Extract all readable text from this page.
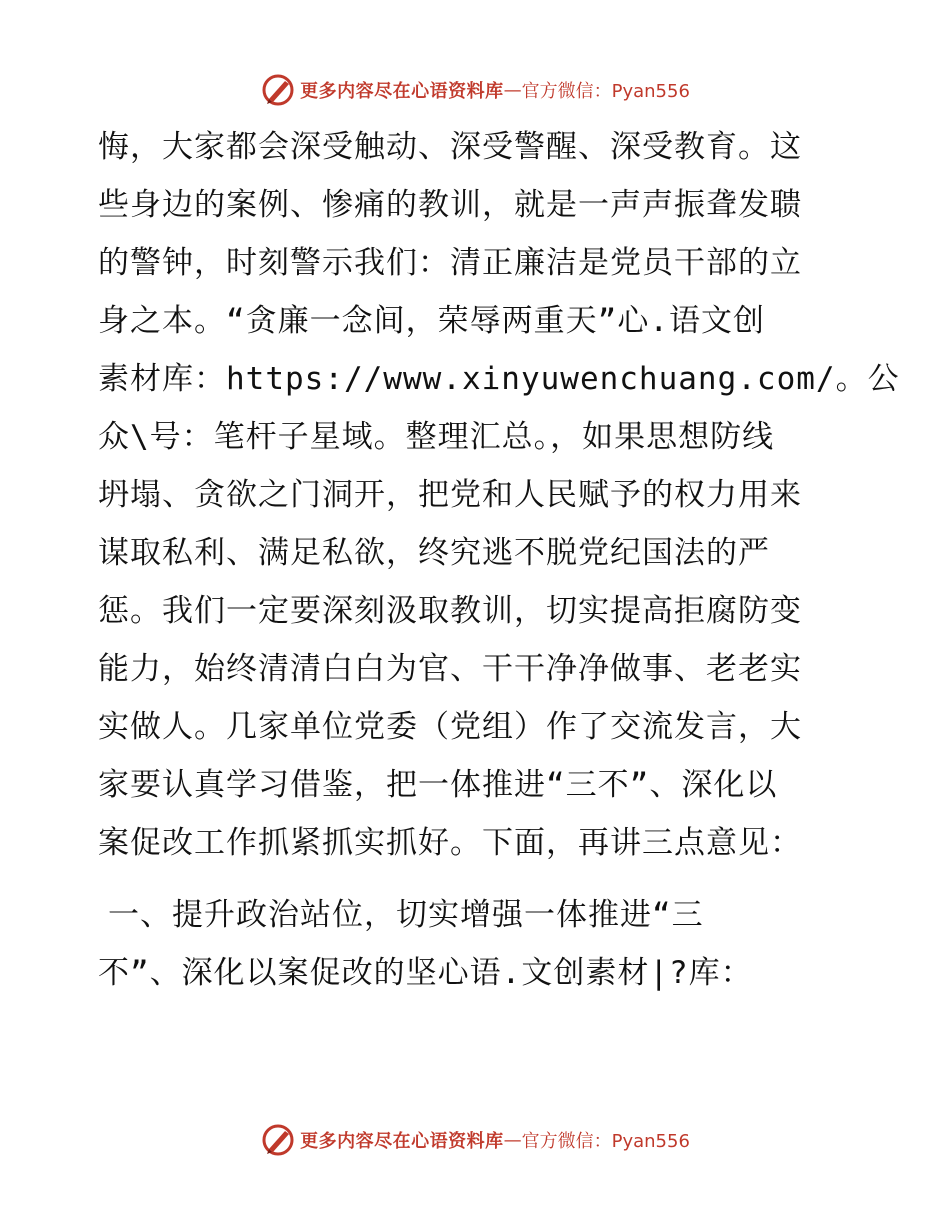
更多内容尽在心语资料库 — 官方微信：Pyan556
悔，大家都会深受触动、深受警醒、深受教育。这
些身边的案例、惨痛的教训，就是一声声振聋发聩
的警钟，时刻警示我们：清正廉洁是党员干部的立
身之本。“贪廉一念间，荣辱两重天”心.语文创
素材库：https://www.xinyuwenchuang.com/。公
众\号：笔杆子星域。整理汇总。，如果思想防线
坍塌、贪欲之门洞开，把党和人民赋予的权力用来
谋取私利、满足私欲，终究逃不脱党纪国法的严
惩。我们一定要深刻汲取教训，切实提高拒腐防变
能力，始终清清白白为官、干干净净做事、老老实
实做人。几家单位党委（党组）作了交流发言，大
家要认真学习借鉴，把一体推进“三不”、深化以
案促改工作抓紧抓实抓好。下面，再讲三点意见：
一、提升政治站位，切实增强一体推进“三
不”、深化以案促改的坚心语.文创素材|?库：
更多内容尽在心语资料库 — 官方微信：Pyan556
